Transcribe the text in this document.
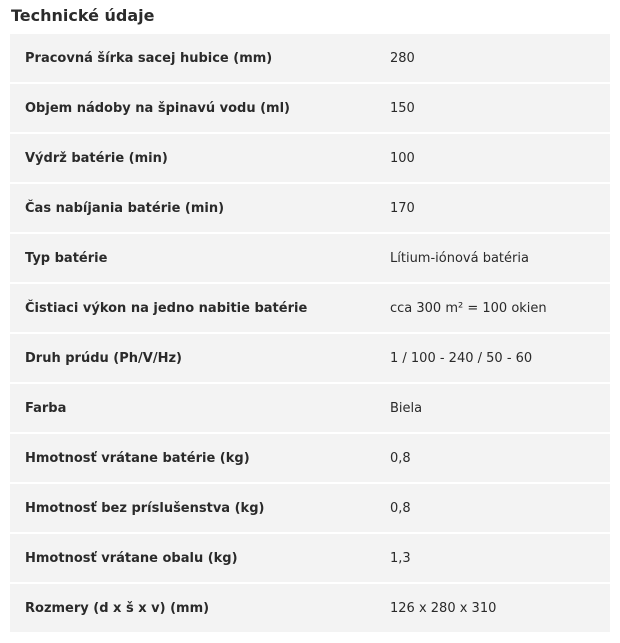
Technické údaje
Pracovná šírka sacej hubice (mm)	280
Objem nádoby na špinavú vodu (ml)	150
Výdrž batérie (min)	100
Čas nabíjania batérie (min)	170
Typ batérie	Lítium-iónová batéria
Čistiaci výkon na jedno nabitie batérie	cca 300 m² = 100 okien
Druh prúdu (Ph/V/Hz)	1 / 100 - 240 / 50 - 60
Farba	Biela
Hmotnosť vrátane batérie (kg)	0,8
Hmotnosť bez príslušenstva (kg)	0,8
Hmotnosť vrátane obalu (kg)	1,3
Rozmery (d x š x v) (mm)	126 x 280 x 310
